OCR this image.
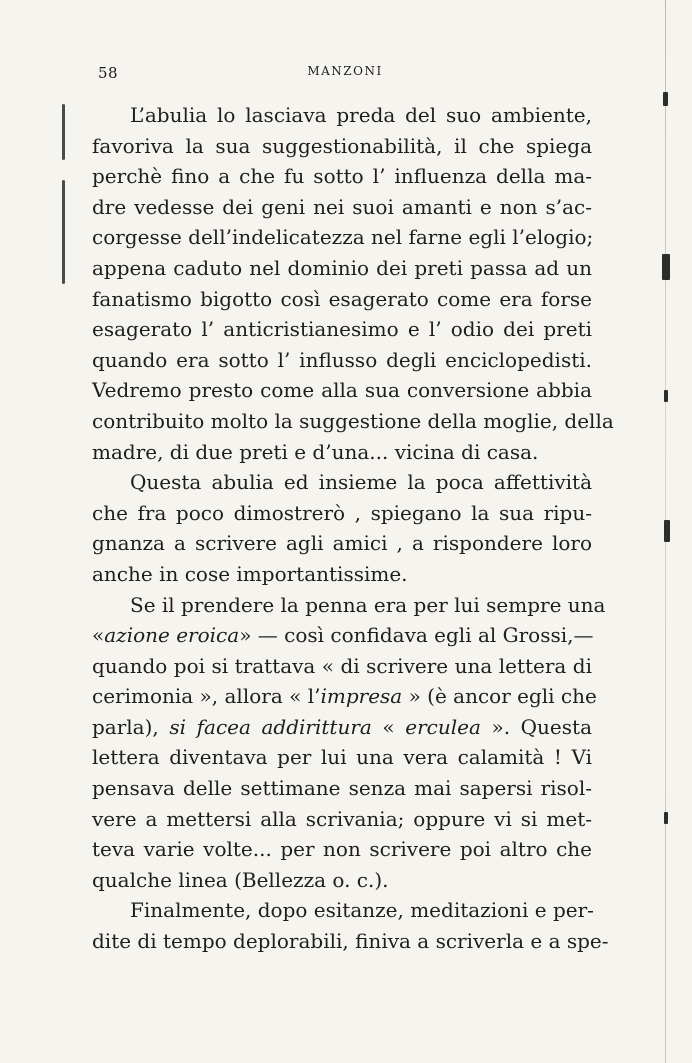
58	MANZONI
L’abulia lo lasciava preda del suo ambiente,
favoriva la sua suggestionabilità, il che spiega
perchè fino a che fu sotto l’ influenza della ma-
dre vedesse dei geni nei suoi amanti e non s’ac-
corgesse dell’indelicatezza nel farne egli l’elogio;
appena caduto nel dominio dei preti passa ad un
fanatismo bigotto così esagerato come era forse
esagerato l’ anticristianesimo e l’ odio dei preti
quando era sotto l’ influsso degli enciclopedisti.
Vedremo presto come alla sua conversione abbia
contribuito molto la suggestione della moglie, della
madre, di due preti e d’una... vicina di casa.
Questa abulia ed insieme la poca affettività
che fra poco dimostrerò , spiegano la sua ripu-
gnanza a scrivere agli amici , a rispondere loro
anche in cose importantissime.
Se il prendere la penna era per lui sempre una
«azione eroica» — così confidava egli al Grossi,—
quando poi si trattava « di scrivere una lettera di
cerimonia », allora « l’impresa » (è ancor egli che
parla), si facea addirittura « erculea ». Questa
lettera diventava per lui una vera calamità ! Vi
pensava delle settimane senza mai sapersi risol-
vere a mettersi alla scrivania; oppure vi si met-
teva varie volte... per non scrivere poi altro che
qualche linea (Bellezza o. c.).
Finalmente, dopo esitanze, meditazioni e per-
dite di tempo deplorabili, finiva a scriverla e a spe-
